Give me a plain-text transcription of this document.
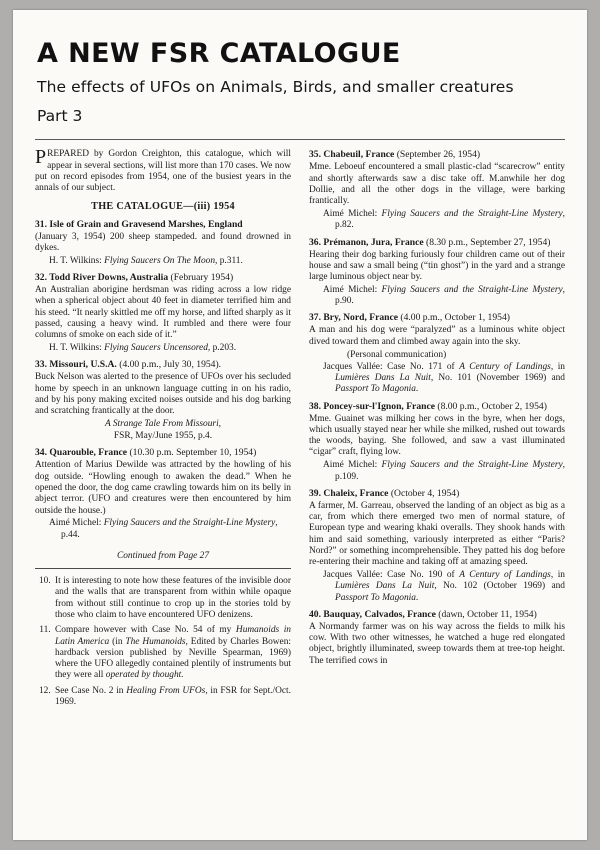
A NEW FSR CATALOGUE
The effects of UFOs on Animals, Birds, and smaller creatures
Part 3
PREPARED by Gordon Creighton, this catalogue, which will appear in several sections, will list more than 170 cases. We now put on record episodes from 1954, one of the busiest years in the annals of our subject.
THE CATALOGUE—(iii) 1954

31. Isle of Grain and Gravesend Marshes, England

(January 3, 1954) 200 sheep stampeded. and found drowned in dykes.

H. T. Wilkins: Flying Saucers On The Moon, p.311.

32. Todd River Downs, Australia (February 1954)

An Australian aborigine herdsman was riding across a low ridge when a spherical object about 40 feet in diameter terrified him and his steed. “It nearly skittled me off my horse, and lifted sharply as it passed, causing a heavy wind. It rumbled and there were four columns of smoke on each side of it.”

H. T. Wilkins: Flying Saucers Uncensored, p.203.

33. Missouri, U.S.A. (4.00 p.m., July 30, 1954).

Buck Nelson was alerted to the presence of UFOs over his secluded home by speech in an unknown language cutting in on his radio, and by his pony making excited noises outside and his dog barking and scratching frantically at the door.

A Strange Tale From Missouri,

FSR, May/June 1955, p.4.

34. Quarouble, France (10.30 p.m. September 10, 1954)

Attention of Marius Dewilde was attracted by the howling of his dog outside. “Howling enough to awaken the dead.” When he opened the door, the dog came crawling towards him on its belly in abject terror. (UFO and creatures were then encountered by him outside the house.)

Aimé Michel: Flying Saucers and the Straight-Line Mystery, p.44.

Continued from Page 27
10. It is interesting to note how these features of the invisible door and the walls that are transparent from within while opaque from without still continue to crop up in the stories told by those who claim to have encountered UFO denizens.
11. Compare however with Case No. 54 of my Humanoids in Latin America (in The Humanoids, Edited by Charles Bowen: hardback version published by Neville Spearman, 1969) where the UFO allegedly contained plentily of instruments but they were all operated by thought.
12. See Case No. 2 in Healing From UFOs, in FSR for Sept./Oct. 1969.

35. Chabeuil, France (September 26, 1954)

Mme. Leboeuf encountered a small plastic-clad “scarecrow” entity and shortly afterwards saw a disc take off. M.anwhile her dog Dollie, and all the other dogs in the village, were barking frantically.

Aimé Michel: Flying Saucers and the Straight-Line Mystery, p.82.

36. Prémanon, Jura, France (8.30 p.m., September 27, 1954)

Hearing their dog barking furiously four children came out of their house and saw a small being (“tin ghost”) in the yard and a strange large luminous object near by.

Aimé Michel: Flying Saucers and the Straight-Line Mystery, p.90.

37. Bry, Nord, France (4.00 p.m., October 1, 1954)

A man and his dog were “paralyzed” as a luminous white object dived toward them and climbed away again into the sky.

(Personal communication)

Jacques Vallée: Case No. 171 of A Century of Landings, in Lumières Dans La Nuit, No. 101 (November 1969) and Passport To Magonia.

38. Poncey-sur-l'Ignon, France (8.00 p.m., October 2, 1954)

Mme. Guainet was milking her cows in the byre, when her dogs, which usually stayed near her while she milked, rushed out towards the woods, baying. She followed, and saw a vast illuminated “cigar” craft, flying low.

Aimé Michel: Flying Saucers and the Straight-Line Mystery, p.109.

39. Chaleix, France (October 4, 1954)

A farmer, M. Garreau, observed the landing of an object as big as a car, from which there emerged two men of normal stature, of European type and wearing khaki overalls. They shook hands with him and said something, variously interpreted as either “Paris? Nord?” or something incomprehensible. They patted his dog before re-entering their machine and taking off at amazing speed.

Jacques Vallée: Case No. 190 of A Century of Landings, in Lumières Dans La Nuit, No. 102 (October 1969) and Passport To Magonia.

40. Bauquay, Calvados, France (dawn, October 11, 1954)

A Normandy farmer was on his way across the fields to milk his cow. With two other witnesses, he watched a huge red elongated object, brightly illuminated, sweep towards them at tree-top height. The terrified cows in
